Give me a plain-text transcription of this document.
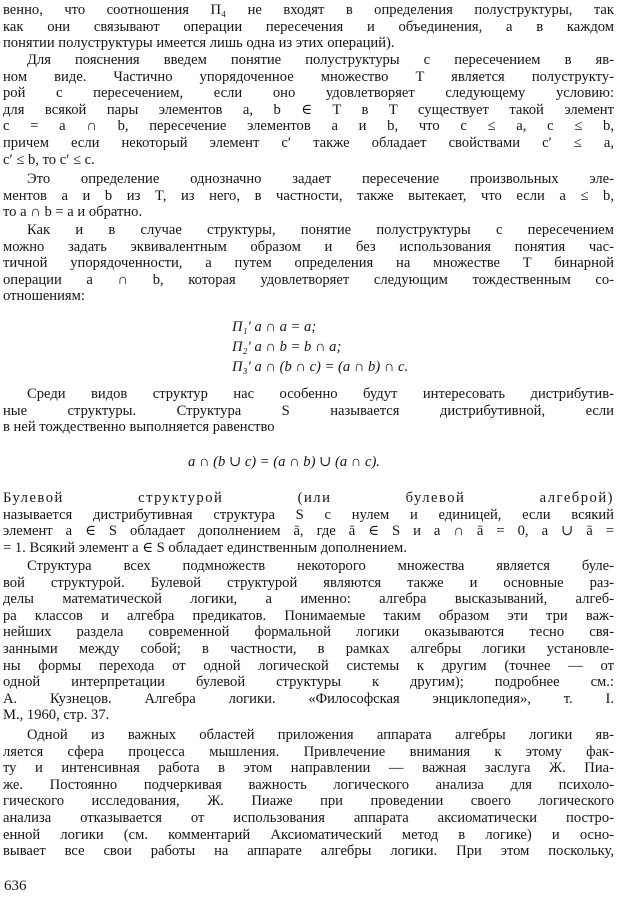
венно, что соотношения П₄ не входят в определения полуструктуры, так

как они связывают операции пересечения и объединения, а в каждом

понятии полуструктуры имеется лишь одна из этих операций).

Для пояснения введем понятие полуструктуры с пересечением в яв-

ном виде. Частично упорядоченное множество T является полуструкту-

рой с пересечением, если оно удовлетворяет следующему условию:

для всякой пары элементов a, b ∈ T в T существует такой элемент

c = a ∩ b, пересечение элементов a и b, что c ≤ a, c ≤ b,

причем если некоторый элемент c′ также обладает свойствами c′ ≤ a,

c′ ≤ b, то c′ ≤ c.

Это определение однозначно задает пересечение произвольных эле-

ментов a и b из T, из него, в частности, также вытекает, что если a ≤ b,

то a ∩ b = a и обратно.

Как и в случае структуры, понятие полуструктуры с пересечением

можно задать эквивалентным образом и без использования понятия час-

тичной упорядоченности, а путем определения на множестве T бинарной

операции a ∩ b, которая удовлетворяет следующим тождественным со-

отношениям:

П₁′ a ∩ a = a;
П₂′ a ∩ b = b ∩ a;
П₃′ a ∩ (b ∩ c) = (a ∩ b) ∩ c.

Среди видов структур нас особенно будут интересовать дистрибутив-

ные структуры. Структура S называется дистрибутивной, если

в ней тождественно выполняется равенство

a ∩ (b ∪ c) = (a ∩ b) ∪ (a ∩ c).

Булевой структурой (или булевой алгеброй)

называется дистрибутивная структура S с нулем и единицей, если всякий

элемент a ∈ S обладает дополнением ā, где ā ∈ S и a ∩ ā = 0, a ∪ ā =

= 1. Всякий элемент a ∈ S обладает единственным дополнением.

Структура всех подмножеств некоторого множества является буле-

вой структурой. Булевой структурой являются также и основные раз-

делы математической логики, а именно: алгебра высказываний, алгеб-

ра классов и алгебра предикатов. Понимаемые таким образом эти три важ-

нейших раздела современной формальной логики оказываются тесно свя-

занными между собой; в частности, в рамках алгебры логики установле-

ны формы перехода от одной логической системы к другим (точнее — от

одной интерпретации булевой структуры к другим); подробнее см.:

А. Кузнецов. Алгебра логики. «Философская энциклопедия», т. I.

М., 1960, стр. 37.

Одной из важных областей приложения аппарата алгебры логики яв-

ляется сфера процесса мышления. Привлечение внимания к этому фак-

ту и интенсивная работа в этом направлении — важная заслуга Ж. Пиа-

же. Постоянно подчеркивая важность логического анализа для психоло-

гического исследования, Ж. Пиаже при проведении своего логического

анализа отказывается от использования аппарата аксиоматически постро-

енной логики (см. комментарий Аксиоматический метод в логике) и осно-

вывает все свои работы на аппарате алгебры логики. При этом поскольку,

636
